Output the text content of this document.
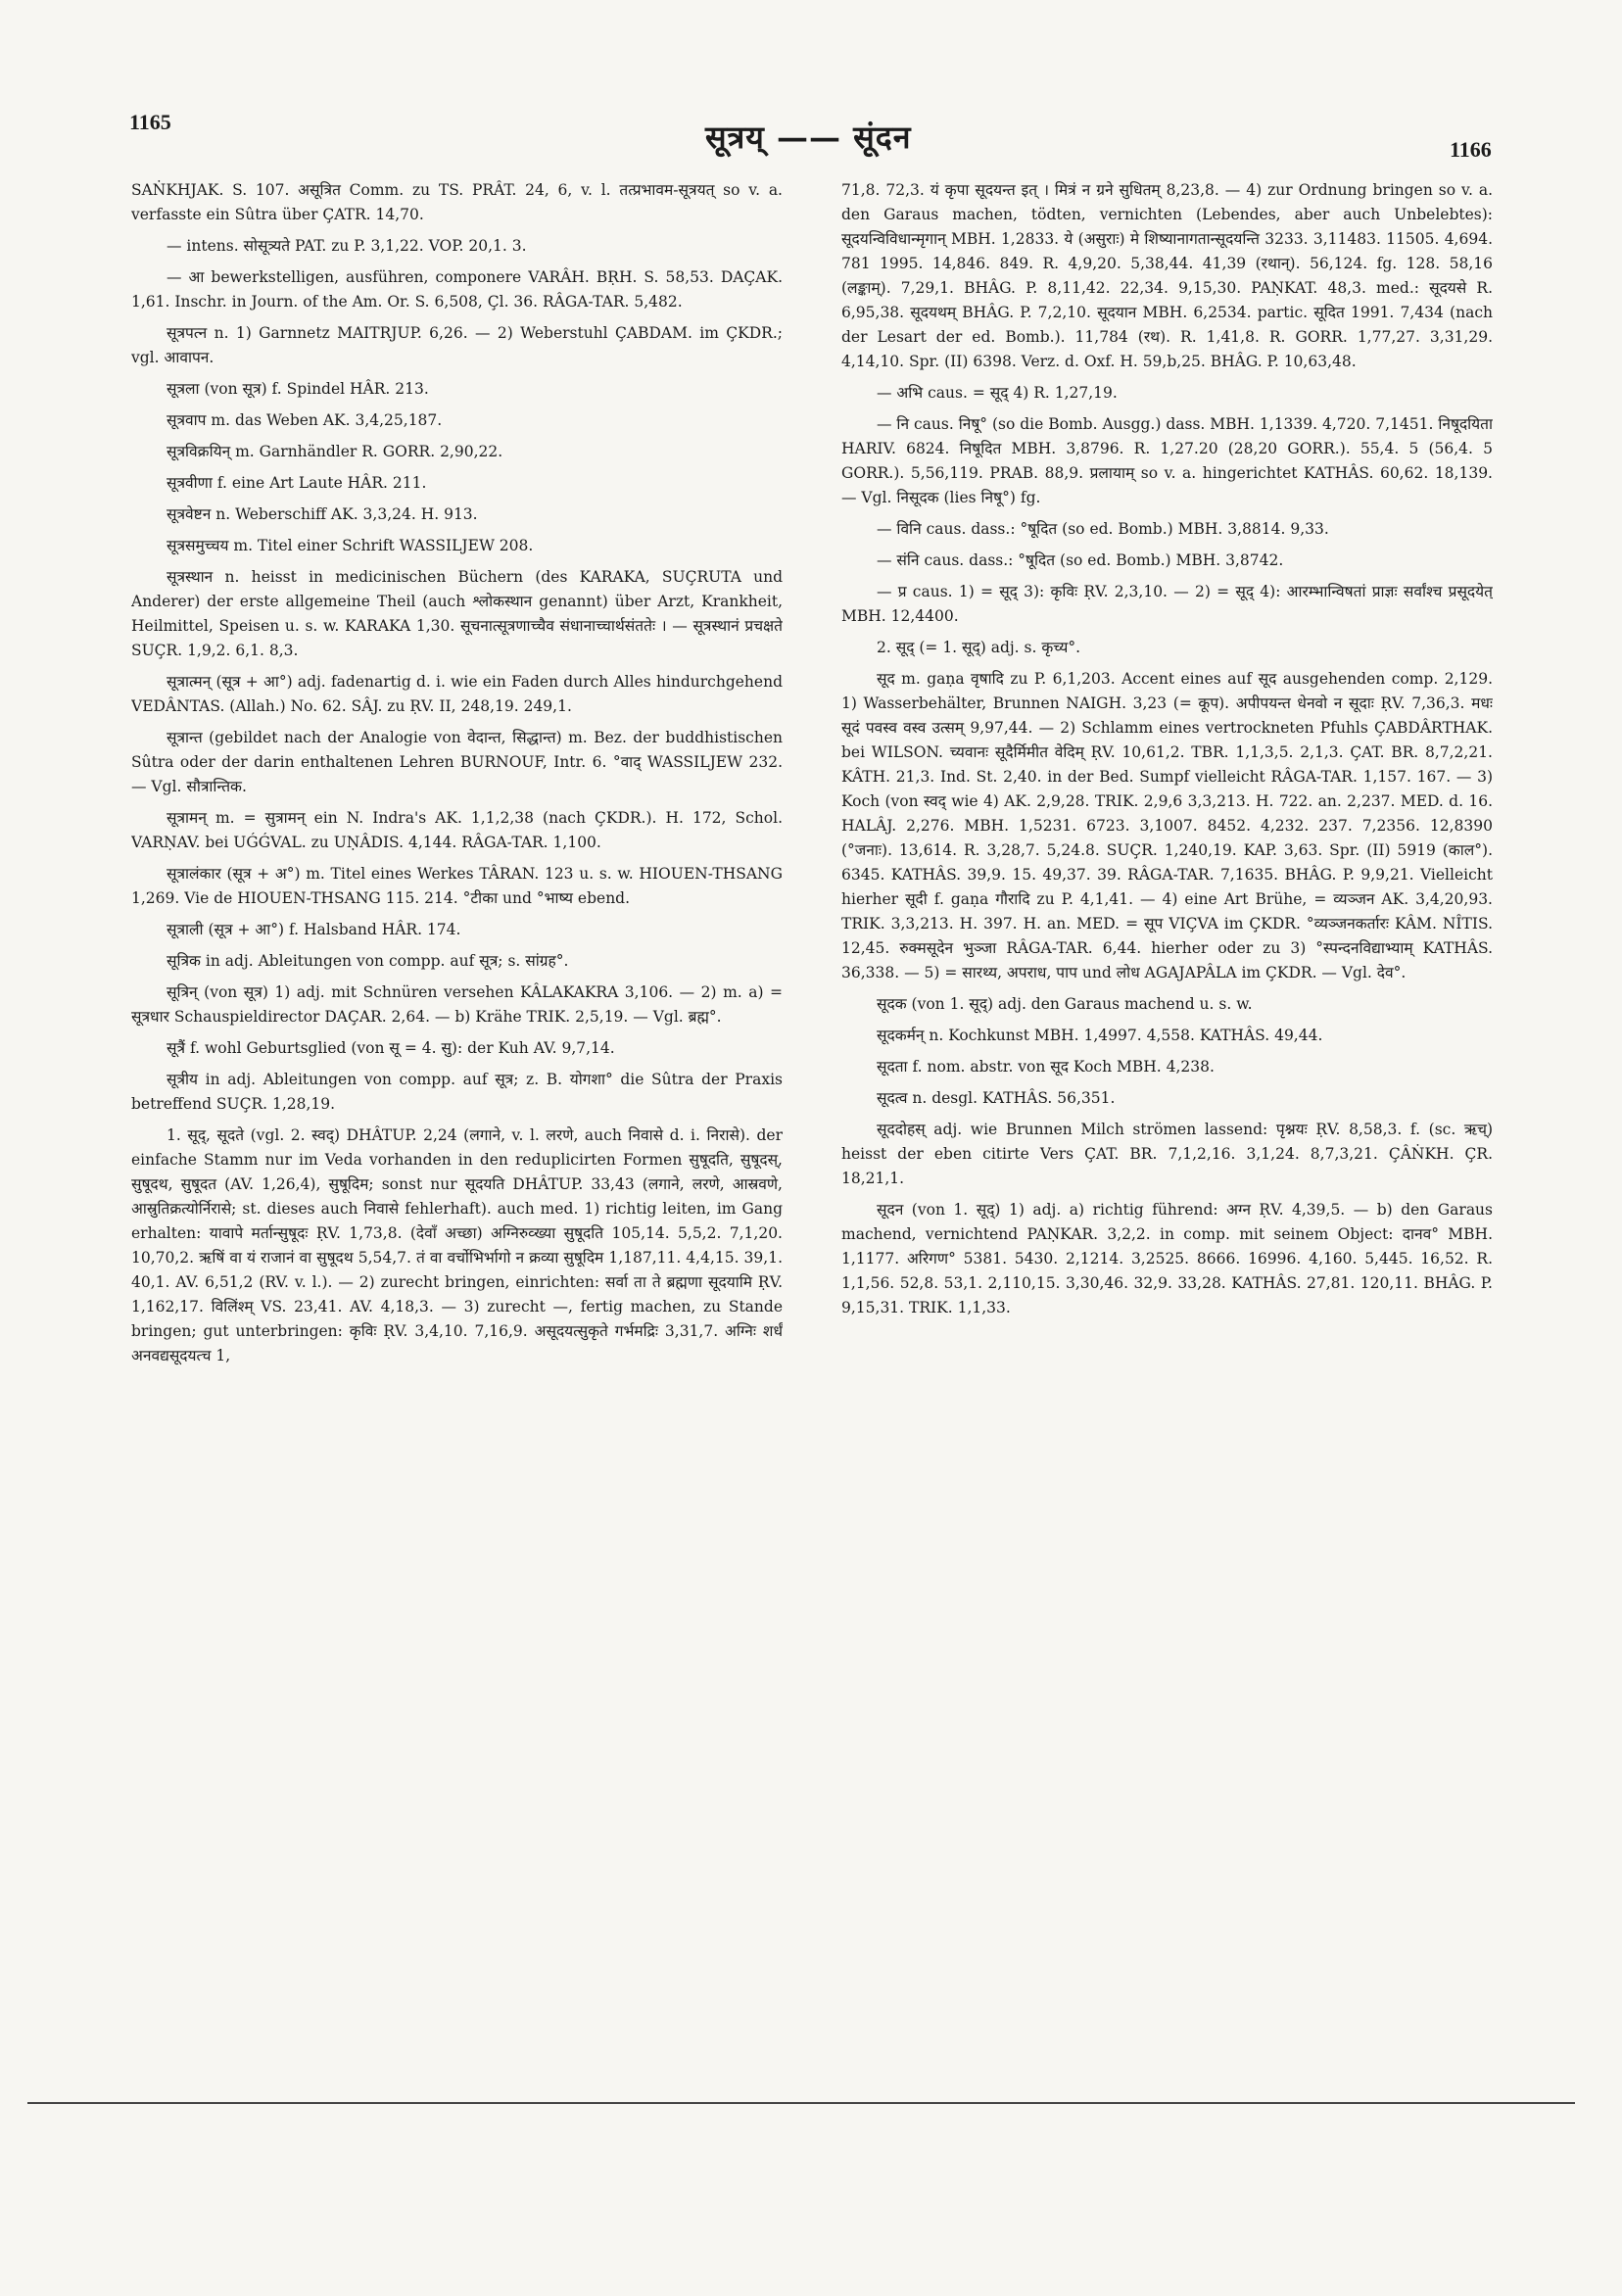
1165	सूत्रय् —— सूंदन	1166

SAṄKHJAK. S. 107. असूत्रित Comm. zu TS. PRÂT. 24, 6, v. l. तत्प्रभावम-सूत्रयत् so v. a. verfasste ein Sûtra über ÇATR. 14,70.

— intens. सोसूत्र्यते PAT. zu P. 3,1,22. VOP. 20,1. 3.

— आ bewerkstelligen, ausführen, componere VARÂH. BṚH. S. 58,53. DAÇAK. 1,61. Inschr. in Journ. of the Am. Or. S. 6,508, Çl. 36. RÂGA-TAR. 5,482.

सूत्रपत्न n. 1) Garnnetz MAITRJUP. 6,26. — 2) Weberstuhl ÇABDAM. im ÇKDR.; vgl. आवापन.

सूत्रला (von सूत्र) f. Spindel HÂR. 213.

सूत्रवाप m. das Weben AK. 3,4,25,187.

सूत्रविक्रयिन् m. Garnhändler R. GORR. 2,90,22.

सूत्रवीणा f. eine Art Laute HÂR. 211.

सूत्रवेष्टन n. Weberschiff AK. 3,3,24. H. 913.

सूत्रसमुच्चय m. Titel einer Schrift WASSILJEW 208.

सूत्रस्थान n. heisst in medicinischen Büchern (des KARAKA, SUÇRUTA und Anderer) der erste allgemeine Theil (auch श्लोकस्थान genannt) über Arzt, Krankheit, Heilmittel, Speisen u. s. w. KARAKA 1,30. सूचनात्सूत्रणाच्चैव संधानाच्चार्थसंततेः । — सूत्रस्थानं प्रचक्षते SUÇR. 1,9,2. 6,1. 8,3.

सूत्रात्मन् (सूत्र + आ°) adj. fadenartig d. i. wie ein Faden durch Alles hindurchgehend VEDÂNTAS. (Allah.) No. 62. SÂJ. zu ṚV. II, 248,19. 249,1.

सूत्रान्त (gebildet nach der Analogie von वेदान्त, सिद्धान्त) m. Bez. der buddhistischen Sûtra oder der darin enthaltenen Lehren BURNOUF, Intr. 6. °वाद् WASSILJEW 232. — Vgl. सौत्रान्तिक.

सूत्रामन् m. = सुत्रामन् ein N. Indra's AK. 1,1,2,38 (nach ÇKDR.). H. 172, Schol. VARṆAV. bei UǴǴVAL. zu UṆÂDIS. 4,144. RÂGA-TAR. 1,100.

सूत्रालंकार (सूत्र + अ°) m. Titel eines Werkes TÂRAN. 123 u. s. w. HIOUEN-THSANG 1,269. Vie de HIOUEN-THSANG 115. 214. °टीका und °भाष्य ebend.

सूत्राली (सूत्र + आ°) f. Halsband HÂR. 174.

सूत्रिक in adj. Ableitungen von compp. auf सूत्र; s. सांग्रह°.

सूत्रिन् (von सूत्र) 1) adj. mit Schnüren versehen KÂLAKAKRA 3,106. — 2) m. a) = सूत्रधार Schauspieldirector DAÇAR. 2,64. — b) Krähe TRIK. 2,5,19. — Vgl. ब्रह्म°.

सूत्रैं f. wohl Geburtsglied (von सू = 4. सु): der Kuh AV. 9,7,14.

सूत्रीय in adj. Ableitungen von compp. auf सूत्र; z. B. योगशा° die Sûtra der Praxis betreffend SUÇR. 1,28,19.

1. सूद्, सूदते (vgl. 2. स्वद्) DHÂTUP. 2,24 (लगाने, v. l. लरणे, auch निवासे d. i. निरासे). der einfache Stamm nur im Veda vorhanden in den reduplicirten Formen सुषूदति, सुषूदस्, सुषूदथ, सुषूदत (AV. 1,26,4), सुषूदिम; sonst nur सूदयति DHÂTUP. 33,43 (लगाने, लरणे, आस्रवणे, आस्रुतिक्रत्योर्निरासे; st. dieses auch निवासे fehlerhaft). auch med. 1) richtig leiten, im Gang erhalten: यावापे मर्तान्सुषूदः ṚV. 1,73,8. (देवाँ अच्छा) अग्निरुव्ख्या सुषूदति 105,14. 5,5,2. 7,1,20. 10,70,2. ऋषिं वा यं राजानं वा सुषूदथ 5,54,7. तं वा वर्चोभिर्भागो न क्रव्या सुषूदिम 1,187,11. 4,4,15. 39,1. 40,1. AV. 6,51,2 (RV. v. l.). — 2) zurecht bringen, einrichten: सर्वा ता ते ब्रह्मणा सूदयामि ṚV. 1,162,17. विलिंश्म् VS. 23,41. AV. 4,18,3. — 3) zurecht —, fertig machen, zu Stande bringen; gut unterbringen: कृविः ṚV. 3,4,10. 7,16,9. असूदयत्सुकृते गर्भमद्रिः 3,31,7. अग्निः शर्धं अनवद्यसूदयत्च 1,

71,8. 72,3. यं कृपा सूदयन्त इत् । मित्रं न ग्रने सुधितम् 8,23,8. — 4) zur Ordnung bringen so v. a. den Garaus machen, tödten, vernichten (Lebendes, aber auch Unbelebtes): सूदयन्विविधान्मृगान् MBH. 1,2833. ये (असुराः) मे शिष्यानागतान्सूदयन्ति 3233. 3,11483. 11505. 4,694. 781 1995. 14,846. 849. R. 4,9,20. 5,38,44. 41,39 (रथान्). 56,124. fg. 128. 58,16 (लङ्काम्). 7,29,1. BHÂG. P. 8,11,42. 22,34. 9,15,30. PAṆKAT. 48,3. med.: सूदयसे R. 6,95,38. सूदयथम् BHÂG. P. 7,2,10. सूदयान MBH. 6,2534. partic. सूदित 1991. 7,434 (nach der Lesart der ed. Bomb.). 11,784 (रथ). R. 1,41,8. R. GORR. 1,77,27. 3,31,29. 4,14,10. Spr. (II) 6398. Verz. d. Oxf. H. 59,b,25. BHÂG. P. 10,63,48.

— अभि caus. = सूद् 4) R. 1,27,19.

— नि caus. निषू° (so die Bomb. Ausgg.) dass. MBH. 1,1339. 4,720. 7,1451. निषूदयिता HARIV. 6824. निषूदित MBH. 3,8796. R. 1,27.20 (28,20 GORR.). 55,4. 5 (56,4. 5 GORR.). 5,56,119. PRAB. 88,9. प्रलायाम् so v. a. hingerichtet KATHÂS. 60,62. 18,139. — Vgl. निसूदक (lies निषू°) fg.

— विनि caus. dass.: °षूदित (so ed. Bomb.) MBH. 3,8814. 9,33.

— संनि caus. dass.: °षूदित (so ed. Bomb.) MBH. 3,8742.

— प्र caus. 1) = सूद् 3): कृविः ṚV. 2,3,10. — 2) = सूद् 4): आरम्भान्विषतां प्राज्ञः सर्वांश्च प्रसूदयेत् MBH. 12,4400.

2. सूद् (= 1. सूद्) adj. s. कृच्य°.

सूद m. gaṇa वृषादि zu P. 6,1,203. Accent eines auf सूद ausgehenden comp. 2,129. 1) Wasserbehälter, Brunnen NAIGH. 3,23 (= कूप). अपीपयन्त धेनवो न सूदाः ṚV. 7,36,3. मधः सूदं पवस्व वस्व उत्सम् 9,97,44. — 2) Schlamm eines vertrockneten Pfuhls ÇABDÂRTHAK. bei WILSON. च्यवानः सूदैर्मिमीत वेदिम् ṚV. 10,61,2. TBR. 1,1,3,5. 2,1,3. ÇAT. BR. 8,7,2,21. KÂTH. 21,3. Ind. St. 2,40. in der Bed. Sumpf vielleicht RÂGA-TAR. 1,157. 167. — 3) Koch (von स्वद् wie 4) AK. 2,9,28. TRIK. 2,9,6 3,3,213. H. 722. an. 2,237. MED. d. 16. HALÂJ. 2,276. MBH. 1,5231. 6723. 3,1007. 8452. 4,232. 237. 7,2356. 12,8390 (°जनाः). 13,614. R. 3,28,7. 5,24.8. SUÇR. 1,240,19. KAP. 3,63. Spr. (II) 5919 (काल°). 6345. KATHÂS. 39,9. 15. 49,37. 39. RÂGA-TAR. 7,1635. BHÂG. P. 9,9,21. Vielleicht hierher सूदी f. gaṇa गौरादि zu P. 4,1,41. — 4) eine Art Brühe, = व्यञ्जन AK. 3,4,20,93. TRIK. 3,3,213. H. 397. H. an. MED. = सूप VIÇVA im ÇKDR. °व्यञ्जनकर्तारः KÂM. NÎTIS. 12,45. रुक्मसूदेन भुञ्जा RÂGA-TAR. 6,44. hierher oder zu 3) °स्पन्दनविद्याभ्याम् KATHÂS. 36,338. — 5) = सारथ्य, अपराध, पाप und लोध AGAJAPÂLA im ÇKDR. — Vgl. देव°.

सूदक (von 1. सूद्) adj. den Garaus machend u. s. w.

सूदकर्मन् n. Kochkunst MBH. 1,4997. 4,558. KATHÂS. 49,44.

सूदता f. nom. abstr. von सूद Koch MBH. 4,238.

सूदत्व n. desgl. KATHÂS. 56,351.

सूददोहस् adj. wie Brunnen Milch strömen lassend: पृश्नयः ṚV. 8,58,3. f. (sc. ऋच्) heisst der eben citirte Vers ÇAT. BR. 7,1,2,16. 3,1,24. 8,7,3,21. ÇÂṄKH. ÇR. 18,21,1.

सूदन (von 1. सूद्) 1) adj. a) richtig führend: अग्न ṚV. 4,39,5. — b) den Garaus machend, vernichtend PAṆKAR. 3,2,2. in comp. mit seinem Object: दानव° MBH. 1,1177. अरिगण° 5381. 5430. 2,1214. 3,2525. 8666. 16996. 4,160. 5,445. 16,52. R. 1,1,56. 52,8. 53,1. 2,110,15. 3,30,46. 32,9. 33,28. KATHÂS. 27,81. 120,11. BHÂG. P. 9,15,31. TRIK. 1,1,33.
